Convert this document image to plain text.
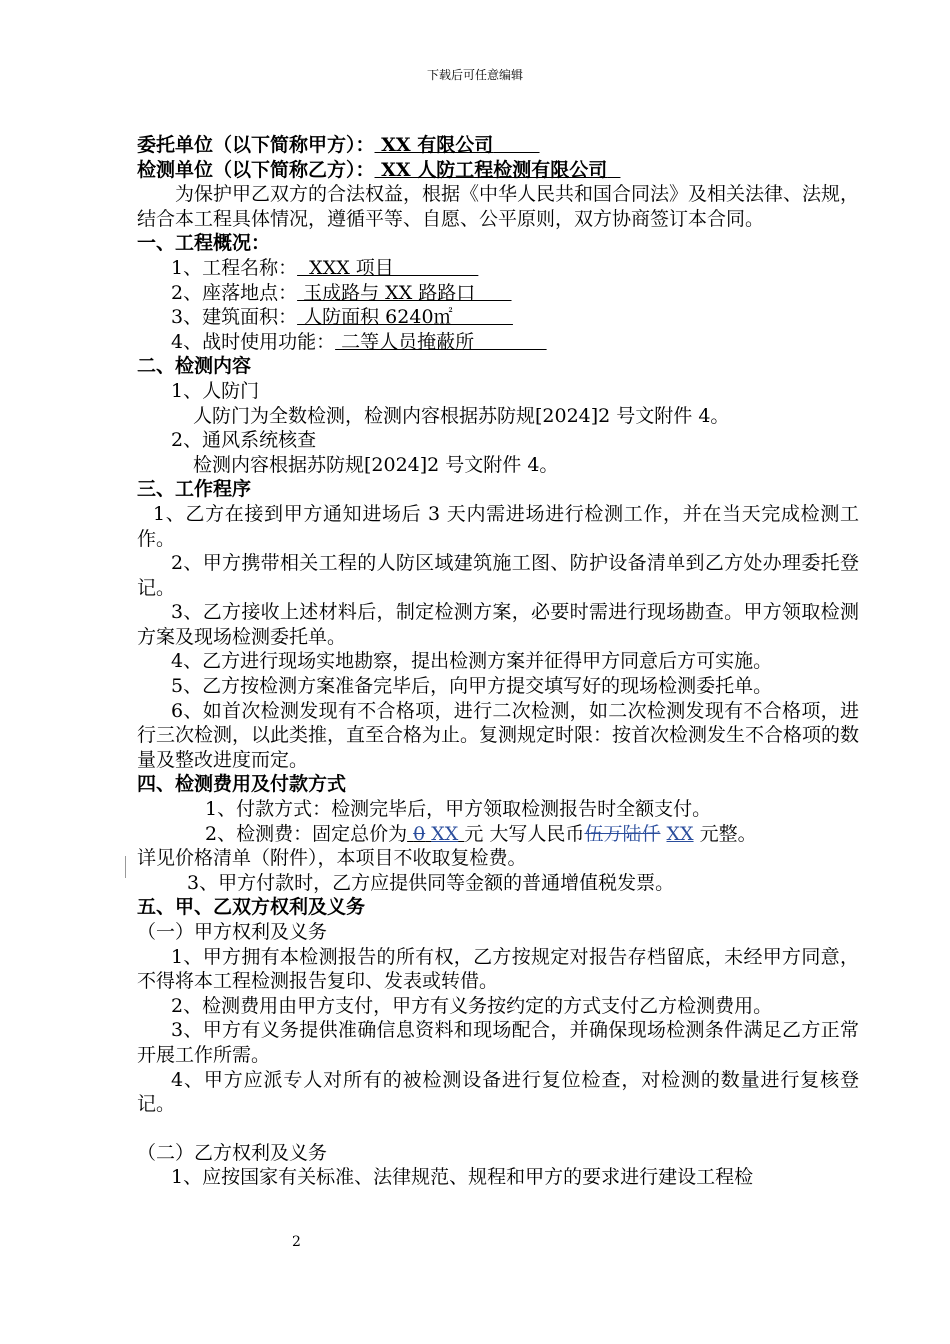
下载后可任意编辑

委托单位（以下简称甲方）： XX 有限公司

检测单位（以下简称乙方）： XX 人防工程检测有限公司

为保护甲乙双方的合法权益，根据《中华人民共和国合同法》及相关法律、法规，结合本工程具体情况，遵循平等、自愿、公平原则，双方协商签订本合同。

一、工程概况：

1、工程名称：  XXX 项目

2、座落地点： 玉成路与 XX 路路口

3、建筑面积： 人防面积 6240㎡

4、战时使用功能： 二等人员掩蔽所

二、检测内容

1、人防门

人防门为全数检测，检测内容根据苏防规[2024]2 号文附件 4。

2、通风系统核查

检测内容根据苏防规[2024]2 号文附件 4。

三、工作程序

1、乙方在接到甲方通知进场后 3 天内需进场进行检测工作，并在当天完成检测工作。

2、甲方携带相关工程的人防区域建筑施工图、防护设备清单到乙方处办理委托登记。

3、乙方接收上述材料后，制定检测方案，必要时需进行现场勘查。甲方领取检测方案及现场检测委托单。

4、乙方进行现场实地勘察，提出检测方案并征得甲方同意后方可实施。

5、乙方按检测方案准备完毕后，向甲方提交填写好的现场检测委托单。

6、如首次检测发现有不合格项，进行二次检测，如二次检测发现有不合格项，进行三次检测，以此类推，直至合格为止。复测规定时限：按首次检测发生不合格项的数量及整改进度而定。

四、检测费用及付款方式

1、付款方式：检测完毕后，甲方领取检测报告时全额支付。

2、检测费：固定总价为 0 XX 元 大写人民币伍万陆仟 XX 元整。

详见价格清单（附件），本项目不收取复检费。

3、甲方付款时，乙方应提供同等金额的普通增值税发票。

五、甲、乙双方权利及义务

（一）甲方权利及义务

1、甲方拥有本检测报告的所有权，乙方按规定对报告存档留底，未经甲方同意，不得将本工程检测报告复印、发表或转借。

2、检测费用由甲方支付，甲方有义务按约定的方式支付乙方检测费用。

3、甲方有义务提供准确信息资料和现场配合，并确保现场检测条件满足乙方正常开展工作所需。

4、甲方应派专人对所有的被检测设备进行复位检查，对检测的数量进行复核登记。

（二）乙方权利及义务

1、应按国家有关标准、法律规范、规程和甲方的要求进行建设工程检

2
